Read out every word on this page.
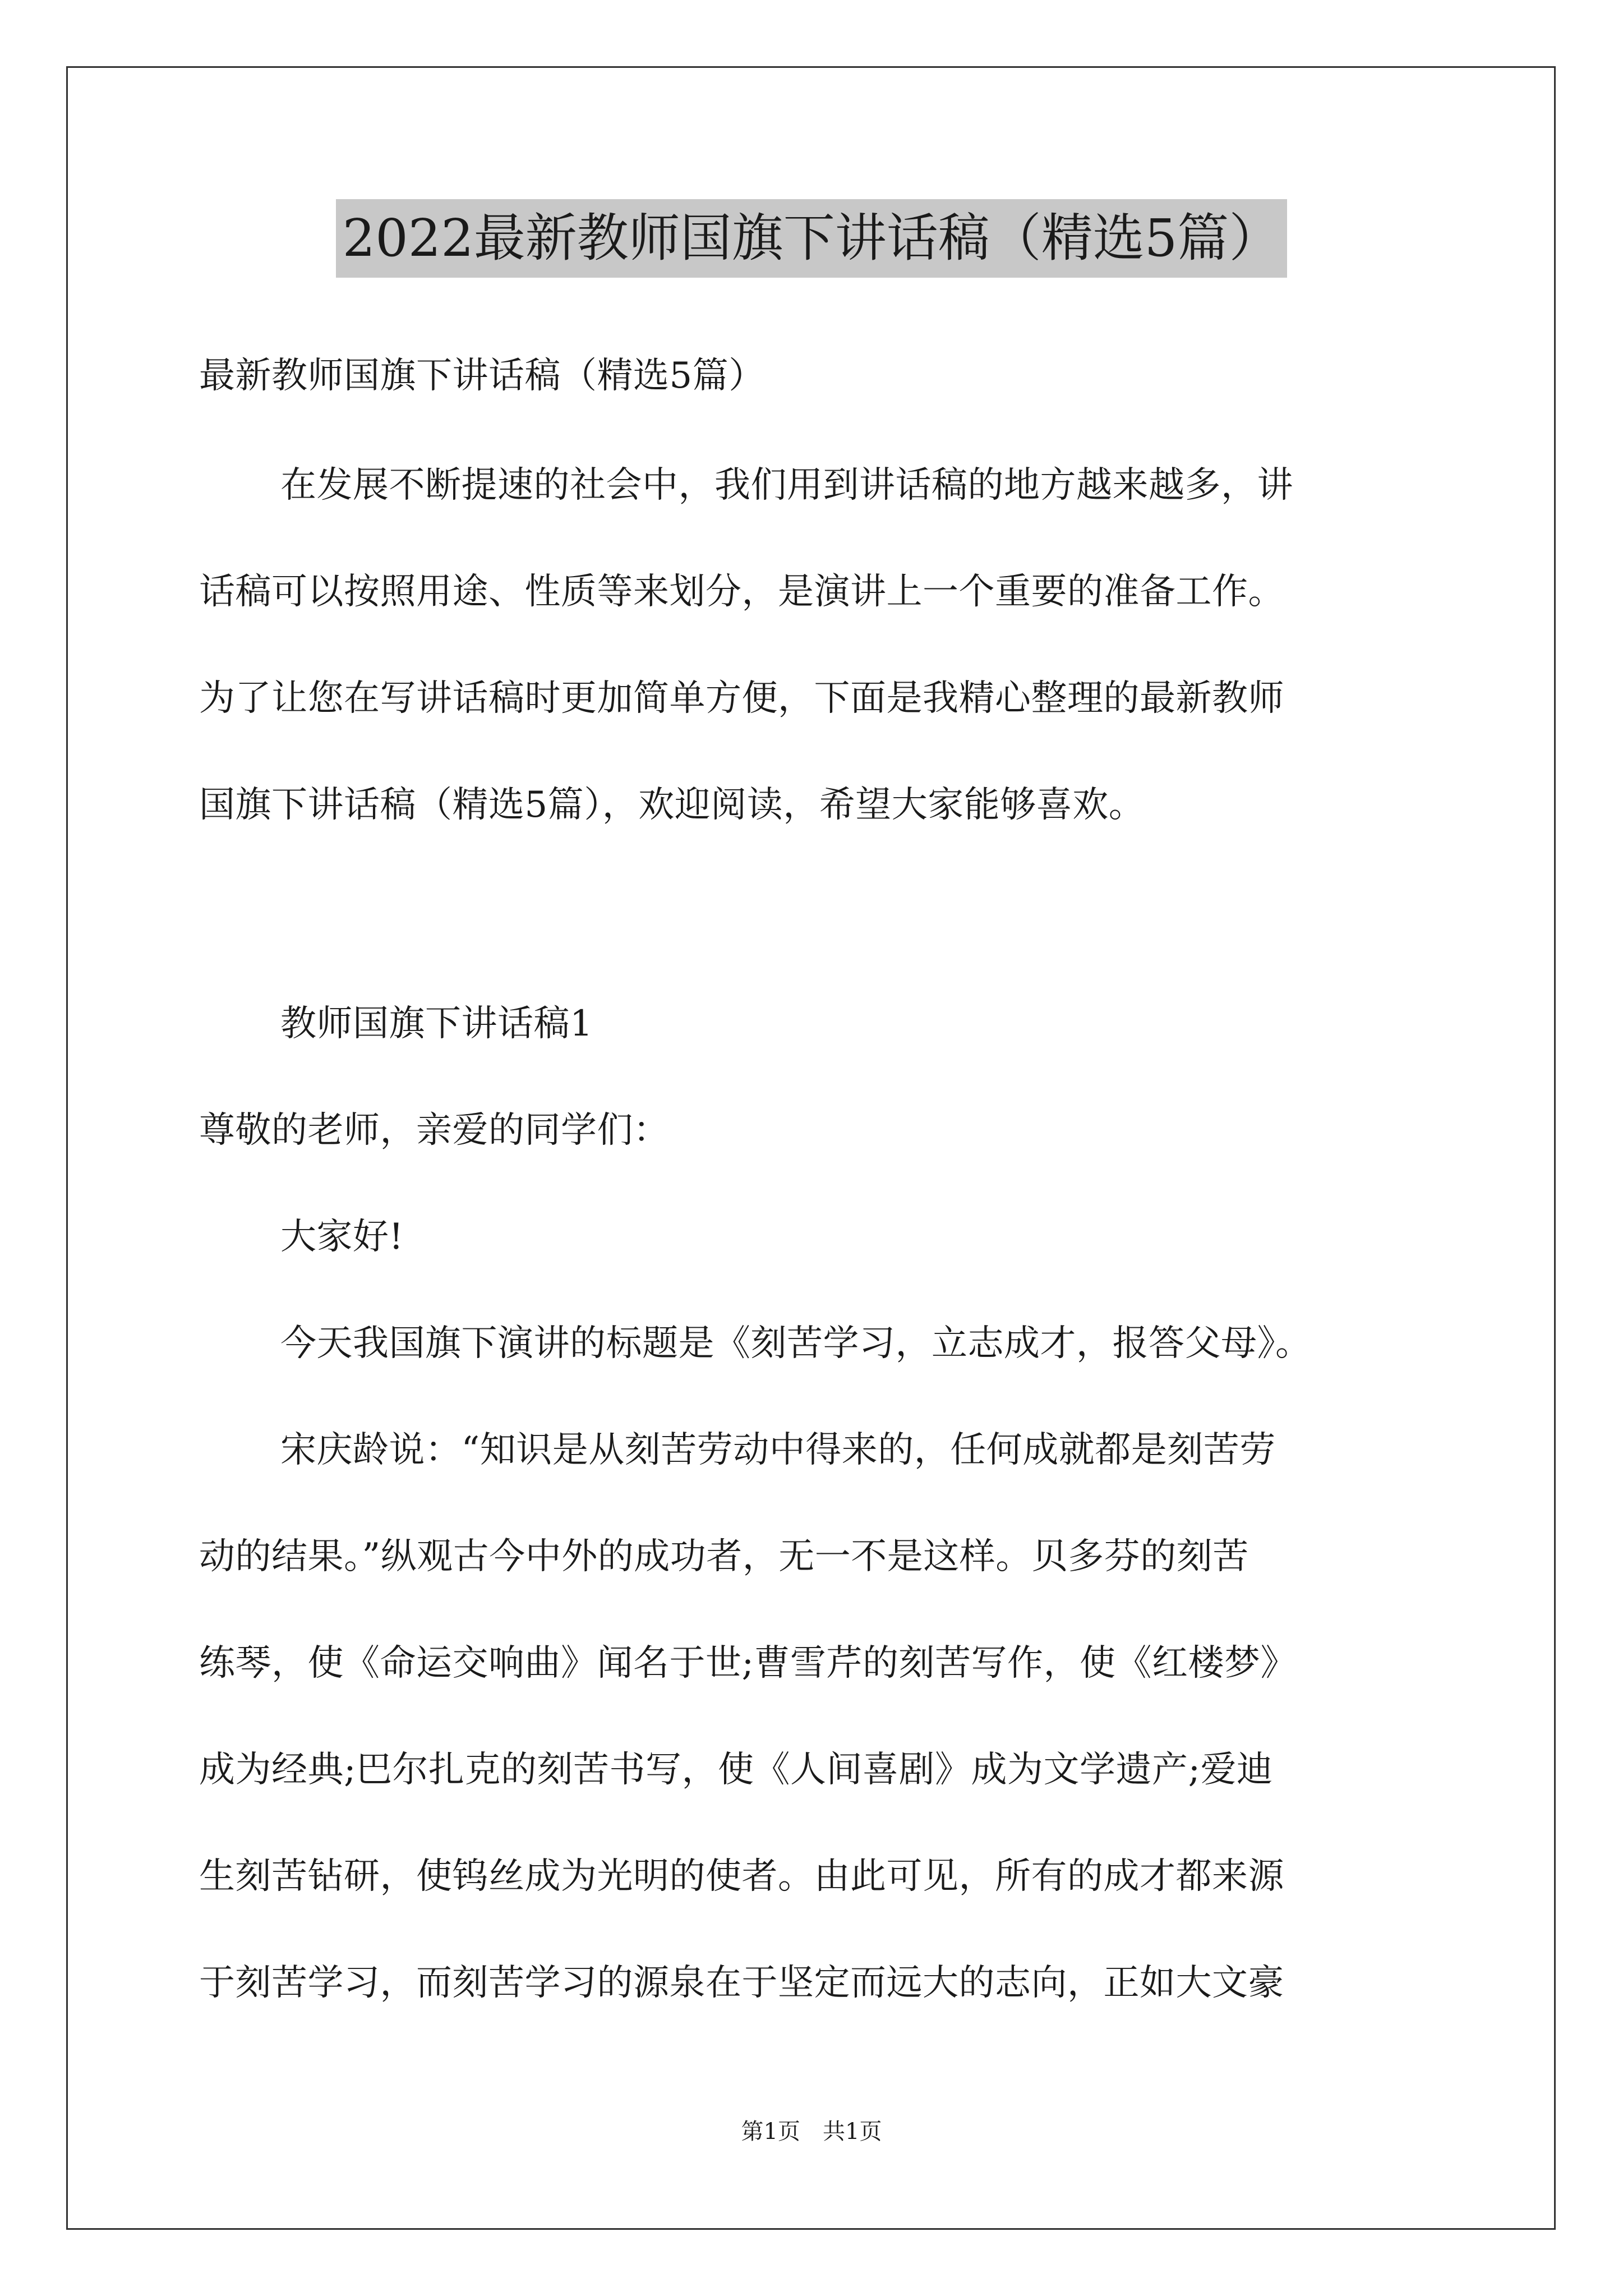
2022最新教师国旗下讲话稿（精选5篇）
最新教师国旗下讲话稿（精选5篇）
在发展不断提速的社会中，我们用到讲话稿的地方越来越多，讲
话稿可以按照用途、性质等来划分，是演讲上一个重要的准备工作。
为了让您在写讲话稿时更加简单方便，下面是我精心整理的最新教师
国旗下讲话稿（精选5篇），欢迎阅读，希望大家能够喜欢。
教师国旗下讲话稿1
尊敬的老师，亲爱的同学们：
大家好!
今天我国旗下演讲的标题是《刻苦学习，立志成才，报答父母》。
宋庆龄说：“知识是从刻苦劳动中得来的，任何成就都是刻苦劳
动的结果。”纵观古今中外的成功者，无一不是这样。贝多芬的刻苦
练琴，使《命运交响曲》闻名于世;曹雪芹的刻苦写作，使《红楼梦》
成为经典;巴尔扎克的刻苦书写，使《人间喜剧》成为文学遗产;爱迪
生刻苦钻研，使钨丝成为光明的使者。由此可见，所有的成才都来源
于刻苦学习，而刻苦学习的源泉在于坚定而远大的志向，正如大文豪
第1页　共1页
